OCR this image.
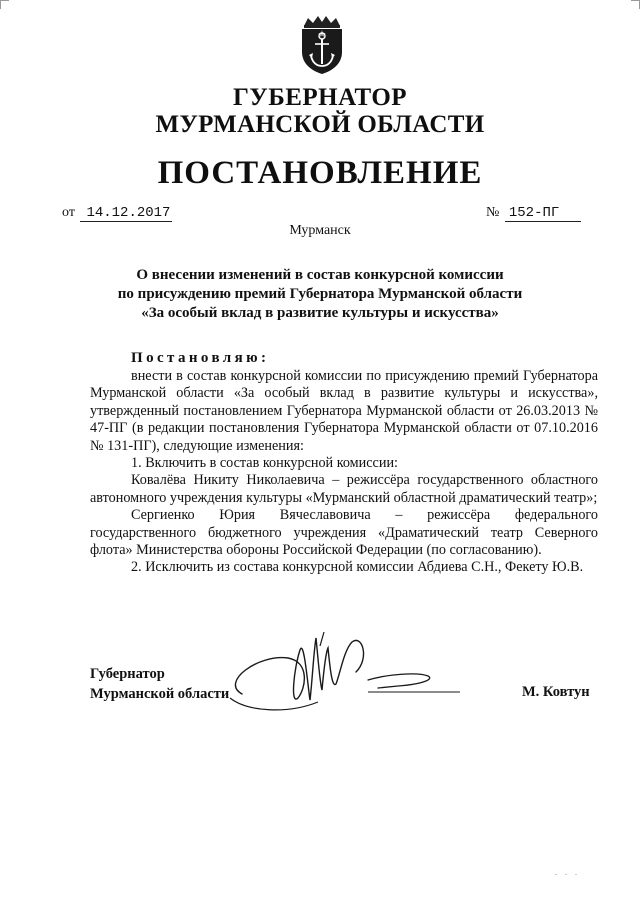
ГУБЕРНАТОР
МУРМАНСКОЙ ОБЛАСТИ
ПОСТАНОВЛЕНИЕ
от 14.12.2017	№ 152-ПГ
Мурманск
О внесении изменений в состав конкурсной комиссии
по присуждению премий Губернатора Мурманской области
«За особый вклад в развитие культуры и искусства»
Постановляю:

внести в состав конкурсной комиссии по присуждению премий Губернатора Мурманской области «За особый вклад в развитие культуры и искусства», утвержденный постановлением Губернатора Мурманской области от 26.03.2013 № 47-ПГ (в редакции постановления Губернатора Мурманской области от 07.10.2016 № 131-ПГ), следующие изменения:

1. Включить в состав конкурсной комиссии:

Ковалёва Никиту Николаевича – режиссёра государственного областного автономного учреждения культуры «Мурманский областной драматический театр»;

Сергиенко Юрия Вячеславовича – режиссёра федерального государственного бюджетного учреждения «Драматический театр Северного флота» Министерства обороны Российской Федерации (по согласованию).

2. Исключить из состава конкурсной комиссии Абдиева С.Н., Фекету Ю.В.

Губернатор
Мурманской области	М. Ковтун
. . .
